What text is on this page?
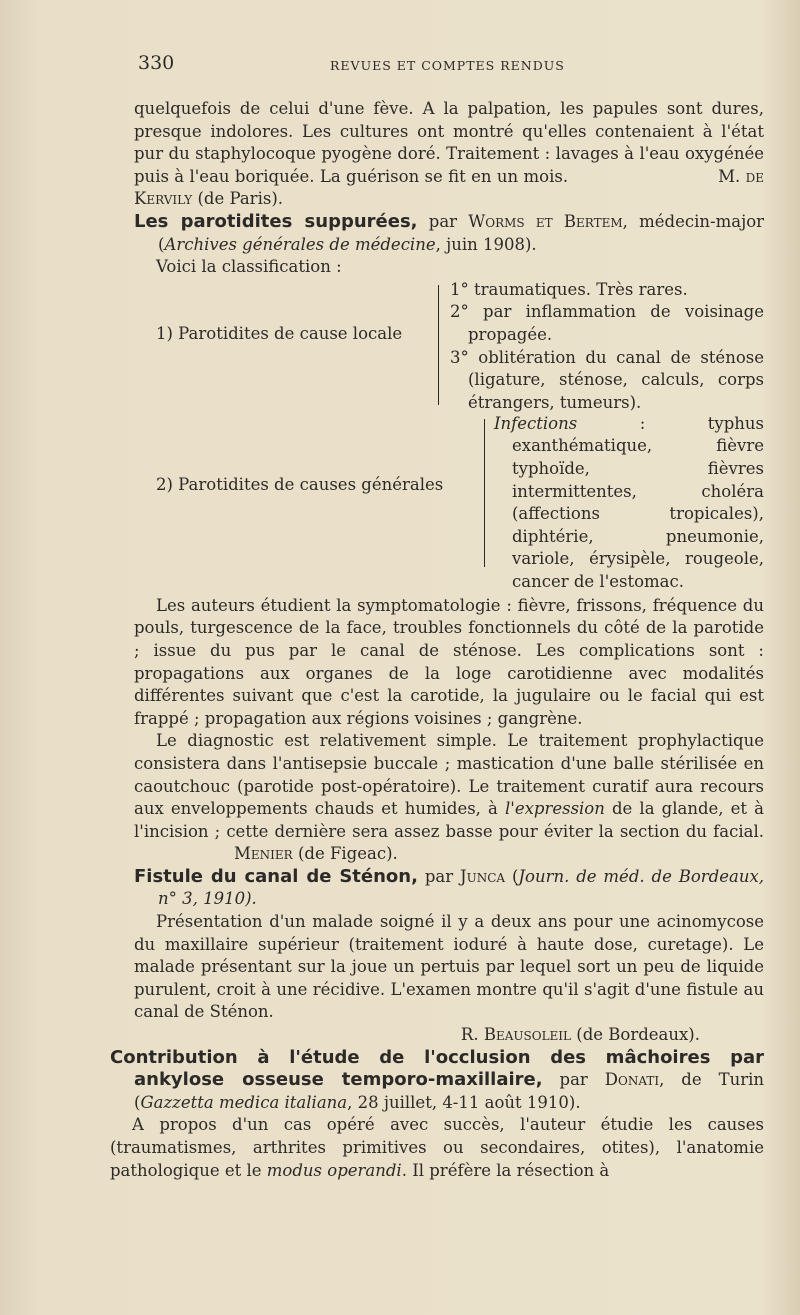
330	REVUES ET COMPTES RENDUS

quelquefois de celui d'une fève. A la palpation, les papules sont dures, presque indolores. Les cultures ont montré qu'elles contenaient à l'état pur du staphylocoque pyogène doré. Traitement : lavages à l'eau oxygénée puis à l'eau boriquée. La guérison se fit en un mois.	M. de Kervily (de Paris).

Les parotidites suppurées, par Worms et Bertem, médecin-major (Archives générales de médecine, juin 1908).

Voici la classification :

1) Parotidites de cause locale

1° traumatiques. Très rares.

2° par inflammation de voisinage propagée.

3° oblitération du canal de sténose (ligature, sténose, calculs, corps étrangers, tumeurs).

2) Parotidites de causes générales

Infections : typhus exanthématique, fièvre typhoïde, fièvres intermittentes, choléra (affections tropicales), diphtérie, pneumonie, variole, érysipèle, rougeole, cancer de l'estomac.

Les auteurs étudient la symptomatologie : fièvre, frissons, fréquence du pouls, turgescence de la face, troubles fonctionnels du côté de la parotide ; issue du pus par le canal de sténose. Les complications sont : propagations aux organes de la loge carotidienne avec modalités différentes suivant que c'est la carotide, la jugulaire ou le facial qui est frappé ; propagation aux régions voisines ; gangrène.

Le diagnostic est relativement simple. Le traitement prophylactique consistera dans l'antisepsie buccale ; mastication d'une balle stérilisée en caoutchouc (parotide post-opératoire). Le traitement curatif aura recours aux enveloppements chauds et humides, à l'expression de la glande, et à l'incision ; cette dernière sera assez basse pour éviter la section du facial.Menier (de Figeac).

Fistule du canal de Sténon, par Junca (Journ. de méd. de Bordeaux, n° 3, 1910).

Présentation d'un malade soigné il y a deux ans pour une acinomycose du maxillaire supérieur (traitement ioduré à haute dose, curetage). Le malade présentant sur la joue un pertuis par lequel sort un peu de liquide purulent, croit à une récidive. L'examen montre qu'il s'agit d'une fistule au canal de Sténon.

R. Beausoleil (de Bordeaux).

Contribution à l'étude de l'occlusion des mâchoires par ankylose osseuse temporo-maxillaire, par Donati, de Turin (Gazzetta medica italiana, 28 juillet, 4-11 août 1910).

A propos d'un cas opéré avec succès, l'auteur étudie les causes (traumatismes, arthrites primitives ou secondaires, otites), l'anatomie pathologique et le modus operandi. Il préfère la résection à
